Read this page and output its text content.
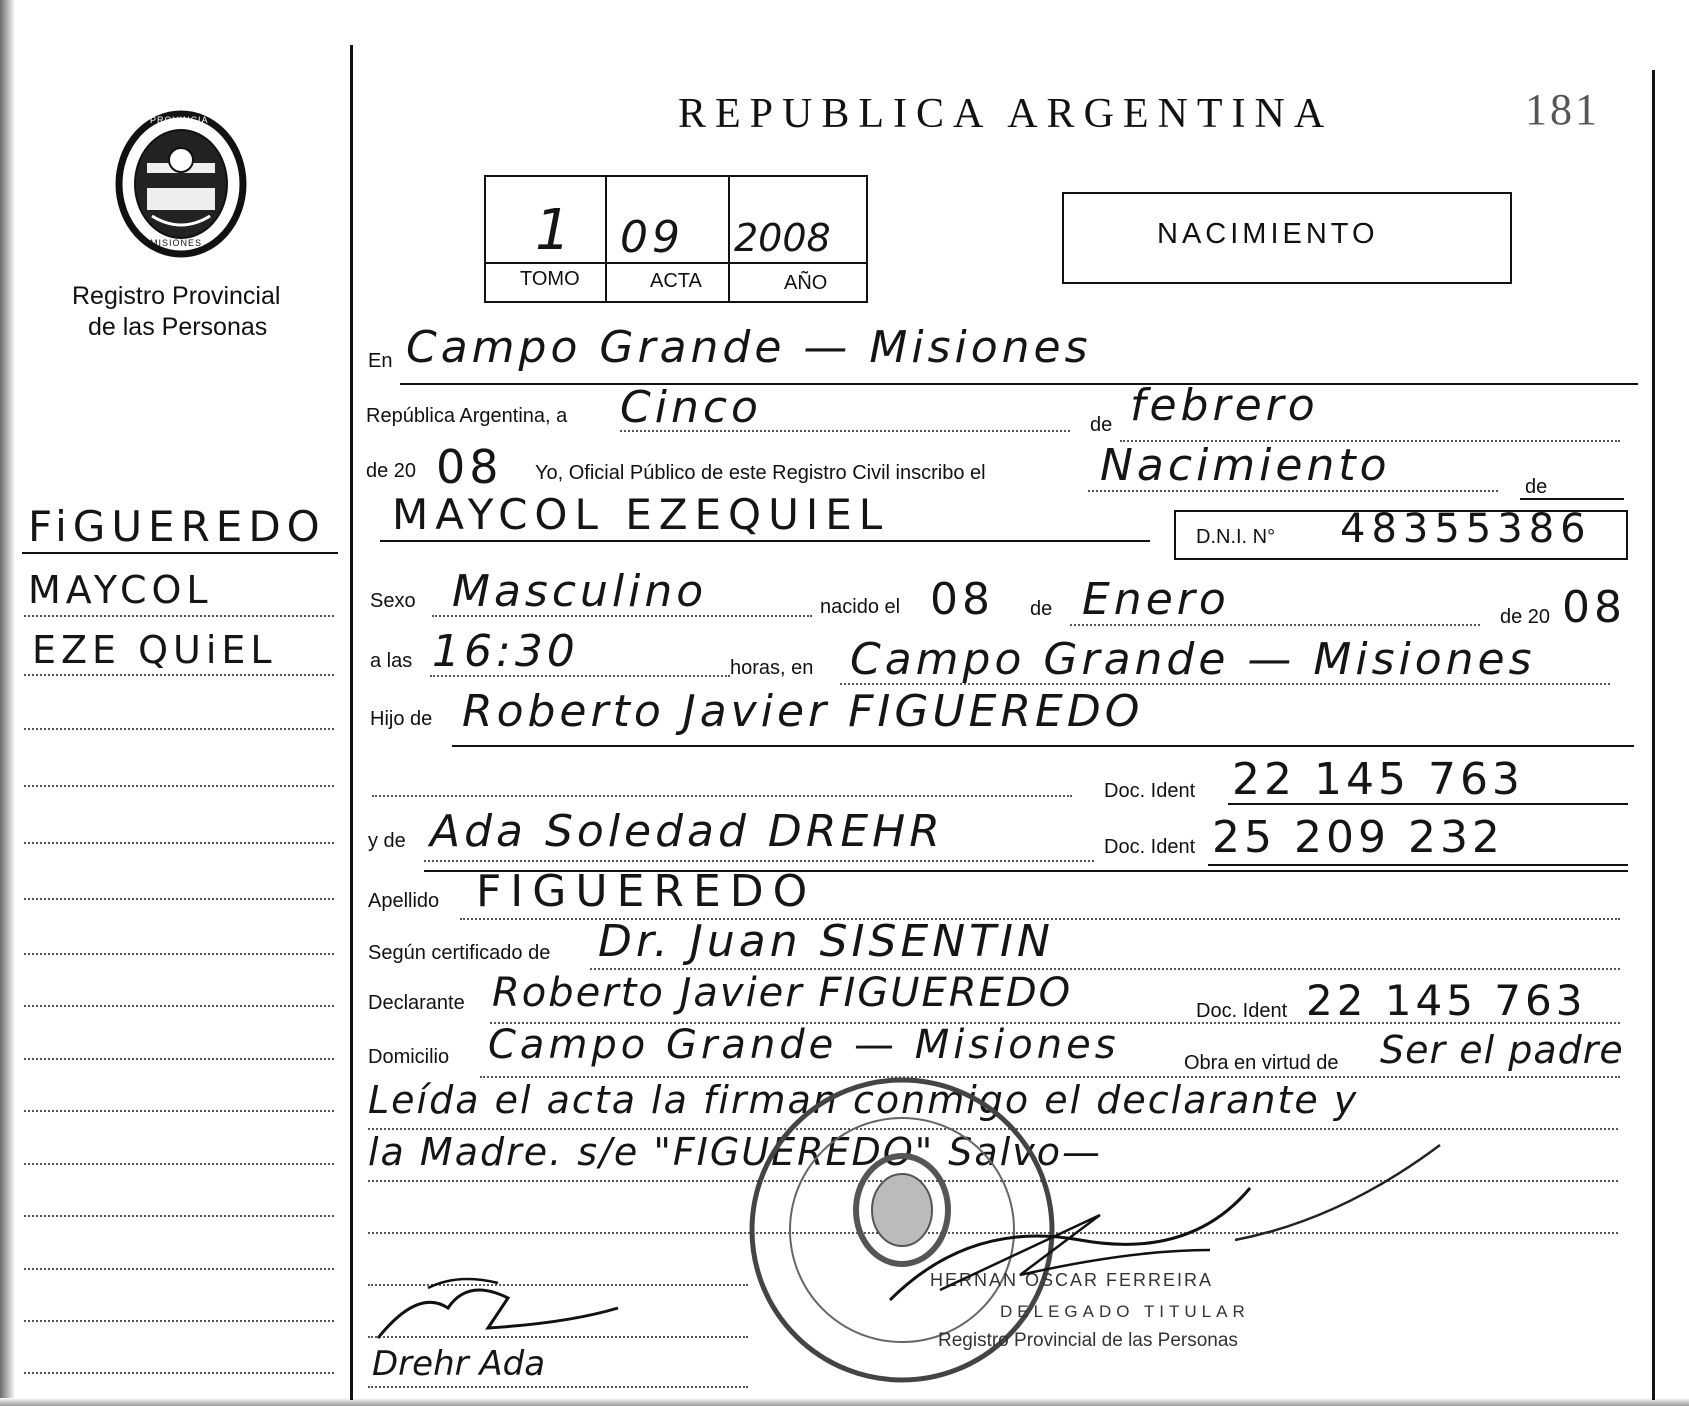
PROVINCIA
MISIONES
Registro Provincial
de las Personas
FiGUEREDO
MAYCOL
EZE QUiEL
REPUBLICA ARGENTINA	181
1 09 2008
TOMO	ACTA	AÑO
NACIMIENTO
En Campo Grande — Misiones
República Argentina, a Cinco	de febrero
de 20 08 Yo, Oficial Público de este Registro Civil inscribo el	Nacimiento	de
MAYCOL EZEQUIEL	D.N.I. N° 48355386
Sexo Masculino	nacido el 08 de Enero	de 20 08
a las 16:30	horas, en Campo Grande — Misiones
Hijo de Roberto Javier FIGUEREDO
Doc. Ident 22 145 763
y de Ada Soledad DREHR	Doc. Ident 25 209 232
Apellido FIGUEREDO
Según certificado de Dr. Juan SISENTIN
Declarante Roberto Javier FIGUEREDO	Doc. Ident 22 145 763
Domicilio Campo Grande — Misiones	Obra en virtud de Ser el padre
Leída el acta la firman conmigo el declarante y
la Madre. s/e "FIGUEREDO" Salvo—
HERNAN OSCAR FERREIRA
DELEGADO TITULAR
Registro Provincial de las Personas
Drehr Ada
